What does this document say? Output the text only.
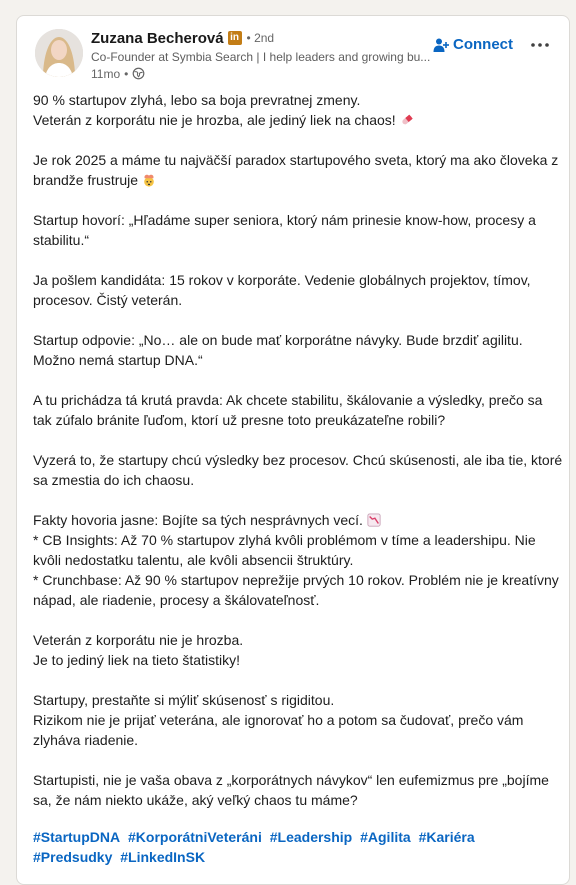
Zuzana Becherová in • 2nd
Co-Founder at Symbia Search | I help leaders and growing bu...
11mo •
Connect
90 % startupov zlyhá, lebo sa boja prevratnej zmeny.
Veterán z korporátu nie je hrozba, ale jediný liek na chaos!
Je rok 2025 a máme tu najväčší paradox startupového sveta, ktorý ma ako človeka z
brandže frustruje
Startup hovorí: „Hľadáme super seniora, ktorý nám prinesie know-how, procesy a
stabilitu.“
Ja pošlem kandidáta: 15 rokov v korporáte. Vedenie globálnych projektov, tímov,
procesov. Čistý veterán.
Startup odpovie: „No… ale on bude mať korporátne návyky. Bude brzdiť agilitu.
Možno nemá startup DNA.“
A tu prichádza tá krutá pravda: Ak chcete stabilitu, škálovanie a výsledky, prečo sa
tak zúfalo bránite ľuďom, ktorí už presne toto preukázateľne robili?
Vyzerá to, že startupy chcú výsledky bez procesov. Chcú skúsenosti, ale iba tie, ktoré
sa zmestia do ich chaosu.
Fakty hovoria jasne: Bojíte sa tých nesprávnych vecí.
* CB Insights: Až 70 % startupov zlyhá kvôli problémom v tíme a leadershipu. Nie
kvôli nedostatku talentu, ale kvôli absencii štruktúry.
* Crunchbase: Až 90 % startupov neprežije prvých 10 rokov. Problém nie je kreatívny
nápad, ale riadenie, procesy a škálovateľnosť.
Veterán z korporátu nie je hrozba.
Je to jediný liek na tieto štatistiky!
Startupy, prestaňte si mýliť skúsenosť s rigiditou.
Rizikom nie je prijať veterána, ale ignorovať ho a potom sa čudovať, prečo vám
zlyháva riadenie.
Startupisti, nie je vaša obava z „korporátnych návykov“ len eufemizmus pre „bojíme
sa, že nám niekto ukáže, aký veľký chaos tu máme?
#StartupDNA #KorporátniVeteráni #Leadership #Agilita #Kariéra #Predsudky #LinkedInSK
